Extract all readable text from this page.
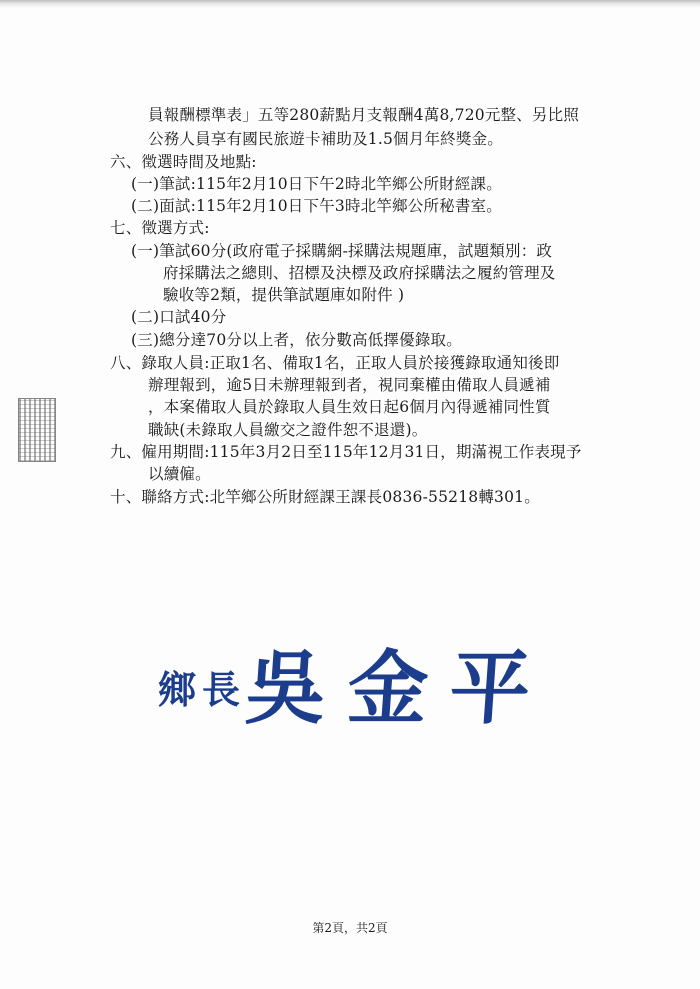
員報酬標準表」五等280薪點月支報酬4萬8,720元整、另比照
公務人員享有國民旅遊卡補助及1.5個月年終獎金。
六、徵選時間及地點:
(一)筆試:115年2月10日下午2時北竿鄉公所財經課。
(二)面試:115年2月10日下午3時北竿鄉公所秘書室。
七、徵選方式:
(一)筆試60分(政府電子採購網-採購法規題庫，試題類別：政
府採購法之總則、招標及決標及政府採購法之履約管理及
驗收等2類，提供筆試題庫如附件 )
(二)口試40分
(三)總分達70分以上者，依分數高低擇優錄取。
八、錄取人員:正取1名、備取1名，正取人員於接獲錄取通知後即
辦理報到，逾5日未辦理報到者，視同棄權由備取人員遞補
，本案備取人員於錄取人員生效日起6個月內得遞補同性質
職缺(未錄取人員繳交之證件恕不退還)。
九、僱用期間:115年3月2日至115年12月31日，期滿視工作表現予
以續僱。
十、聯絡方式:北竿鄉公所財經課王課長0836-55218轉301。
鄉長
吳金平
第2頁，共2頁
